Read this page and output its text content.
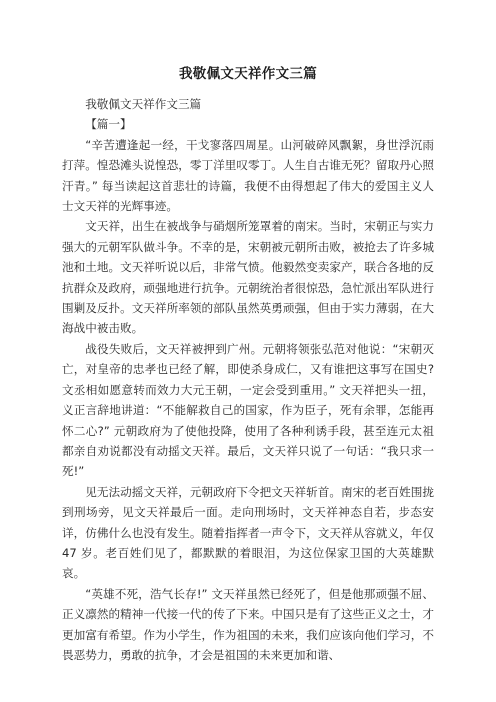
我敬佩文天祥作文三篇

我敬佩文天祥作文三篇

【篇一】

“辛苦遭逢起一经，干戈寥落四周星。山河破碎风飘絮，身世浮沉雨打萍。惶恐滩头说惶恐，零丁洋里叹零丁。人生自古谁无死？留取丹心照汗青。” 每当读起这首悲壮的诗篇，我便不由得想起了伟大的爱国主义人士文天祥的光辉事迹。

文天祥，出生在被战争与硝烟所笼罩着的南宋。当时，宋朝正与实力强大的元朝军队做斗争。不幸的是，宋朝被元朝所击败，被抢去了许多城池和土地。文天祥听说以后，非常气愤。他毅然变卖家产，联合各地的反抗群众及政府，顽强地进行抗争。元朝统治者很惊恐，急忙派出军队进行围剿及反扑。文天祥所率领的部队虽然英勇顽强，但由于实力薄弱，在大海战中被击败。

战役失败后，文天祥被押到广州。元朝将领张弘范对他说：“宋朝灭亡，对皇帝的忠孝也已经了解，即使杀身成仁，又有谁把这事写在国史?文丞相如愿意转而效力大元王朝，一定会受到重用。” 文天祥把头一扭，义正言辞地讲道：“不能解救自己的国家，作为臣子，死有余罪，怎能再怀二心?” 元朝政府为了使他投降，使用了各种利诱手段，甚至连元太祖都亲自劝说都没有动摇文天祥。最后，文天祥只说了一句话：“我只求一死!”

见无法动摇文天祥，元朝政府下令把文天祥斩首。南宋的老百姓围拢到刑场旁，见文天祥最后一面。走向刑场时，文天祥神态自若，步态安详，仿佛什么也没有发生。随着指挥者一声令下，文天祥从容就义，年仅 47 岁。老百姓们见了，都默默的着眼泪，为这位保家卫国的大英雄默哀。

“英雄不死，浩气长存!” 文天祥虽然已经死了，但是他那顽强不屈、正义凛然的精神一代接一代的传了下来。中国只是有了这些正义之士，才更加富有希望。作为小学生，作为祖国的未来，我们应该向他们学习，不畏恶势力，勇敢的抗争，才会是祖国的未来更加和谐、
